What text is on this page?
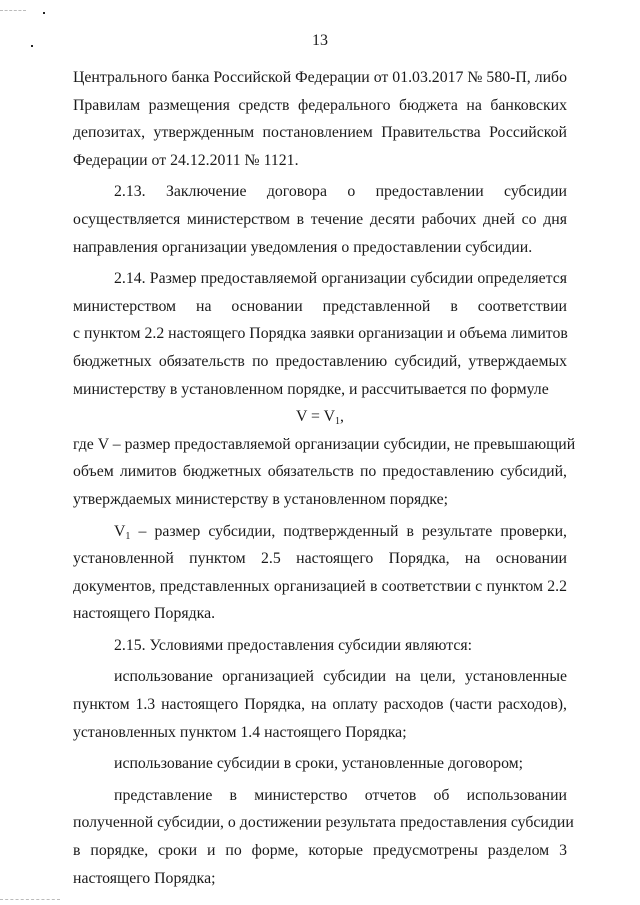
13
Центрального банка Российской Федерации от 01.03.2017 № 580-П, либо
Правилам размещения средств федерального бюджета на банковских
депозитах, утвержденным постановлением Правительства Российской
Федерации от 24.12.2011 № 1121.
2.13. Заключение договора о предоставлении субсидии
осуществляется министерством в течение десяти рабочих дней со дня
направления организации уведомления о предоставлении субсидии.
2.14. Размер предоставляемой организации субсидии определяется
министерством на основании представленной в соответствии
с пунктом 2.2 настоящего Порядка заявки организации и объема лимитов
бюджетных обязательств по предоставлению субсидий, утверждаемых
министерству в установленном порядке, и рассчитывается по формуле
$V = V_1$,
где V – размер предоставляемой организации субсидии, не превышающий
объем лимитов бюджетных обязательств по предоставлению субсидий,
утверждаемых министерству в установленном порядке;
$V_1$ – размер субсидии, подтвержденный в результате проверки,
установленной пунктом 2.5 настоящего Порядка, на основании
документов, представленных организацией в соответствии с пунктом 2.2
настоящего Порядка.
2.15. Условиями предоставления субсидии являются:
использование организацией субсидии на цели, установленные
пунктом 1.3 настоящего Порядка, на оплату расходов (части расходов),
установленных пунктом 1.4 настоящего Порядка;
использование субсидии в сроки, установленные договором;
представление в министерство отчетов об использовании
полученной субсидии, о достижении результата предоставления субсидии
в порядке, сроки и по форме, которые предусмотрены разделом 3
настоящего Порядка;
